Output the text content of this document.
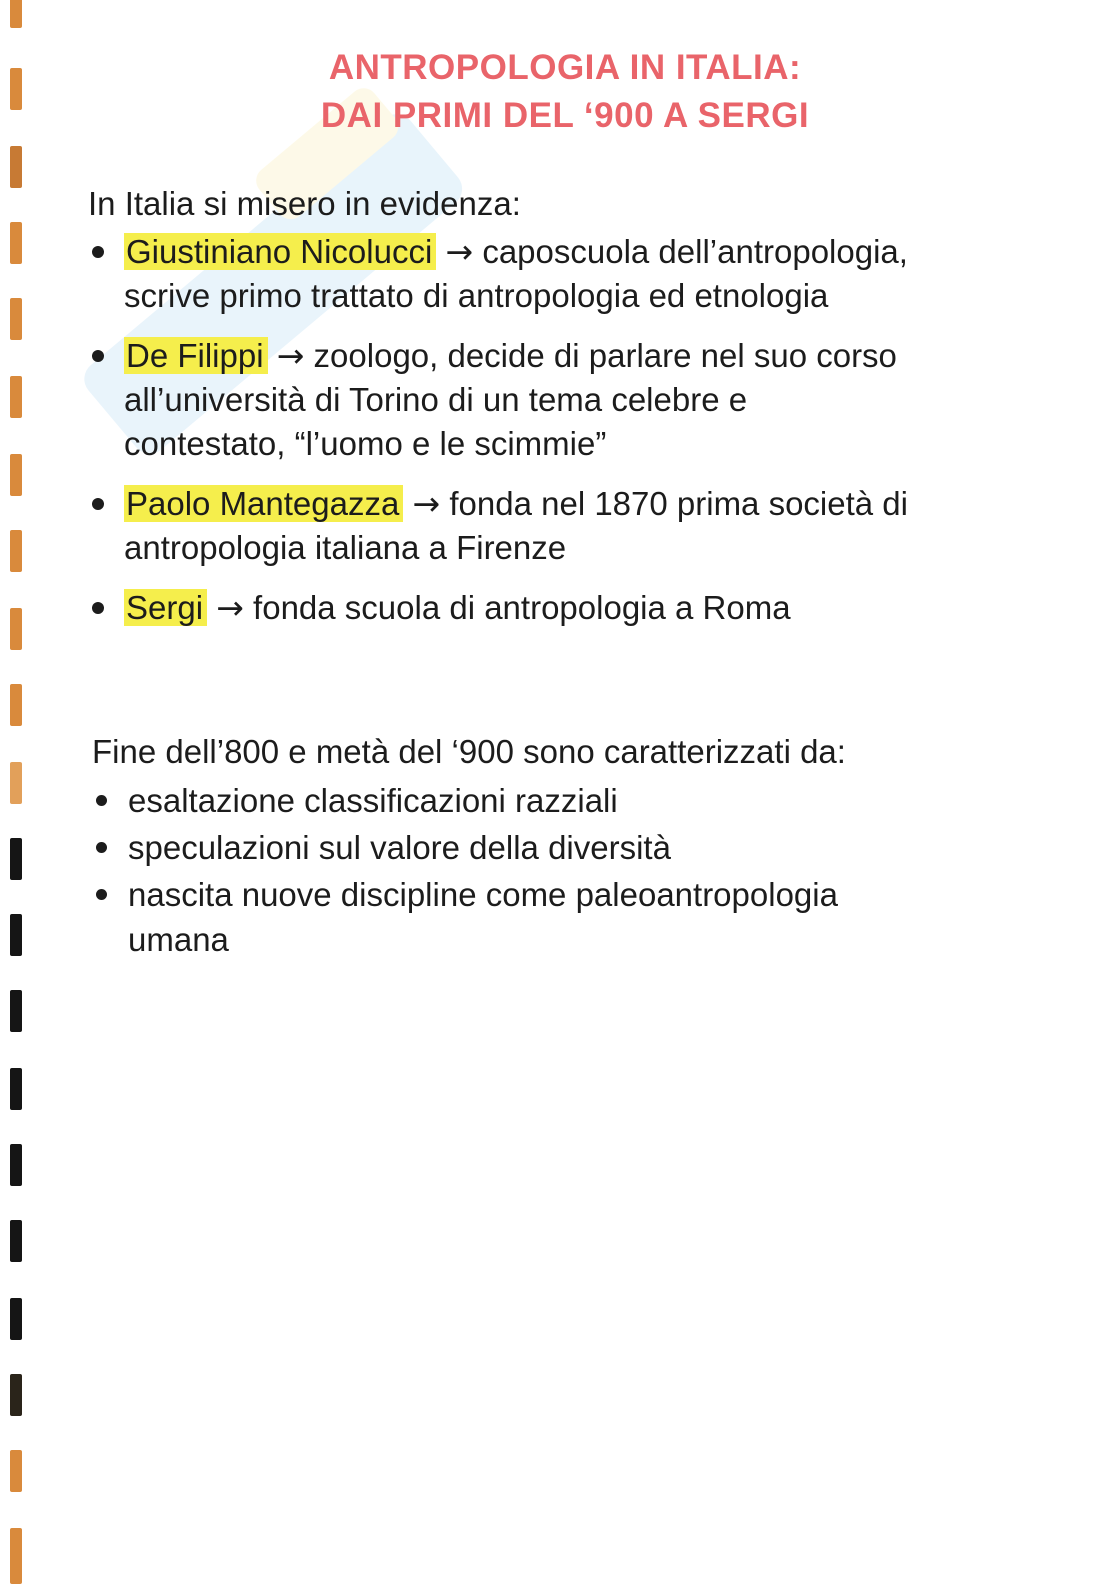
ANTROPOLOGIA IN ITALIA:
DAI PRIMI DEL ‘900 A SERGI
In Italia si misero in evidenza:
Giustiniano Nicolucci → caposcuola dell’antropologia,
scrive primo trattato di antropologia ed etnologia
De Filippi → zoologo, decide di parlare nel suo corso
all’università di Torino di un tema celebre e
contestato, “l’uomo e le scimmie”
Paolo Mantegazza → fonda nel 1870 prima società di
antropologia italiana a Firenze
Sergi → fonda scuola di antropologia a Roma
Fine dell’800 e metà del ‘900 sono caratterizzati da:
esaltazione classificazioni razziali
speculazioni sul valore della diversità
nascita nuove discipline come paleoantropologia
umana
